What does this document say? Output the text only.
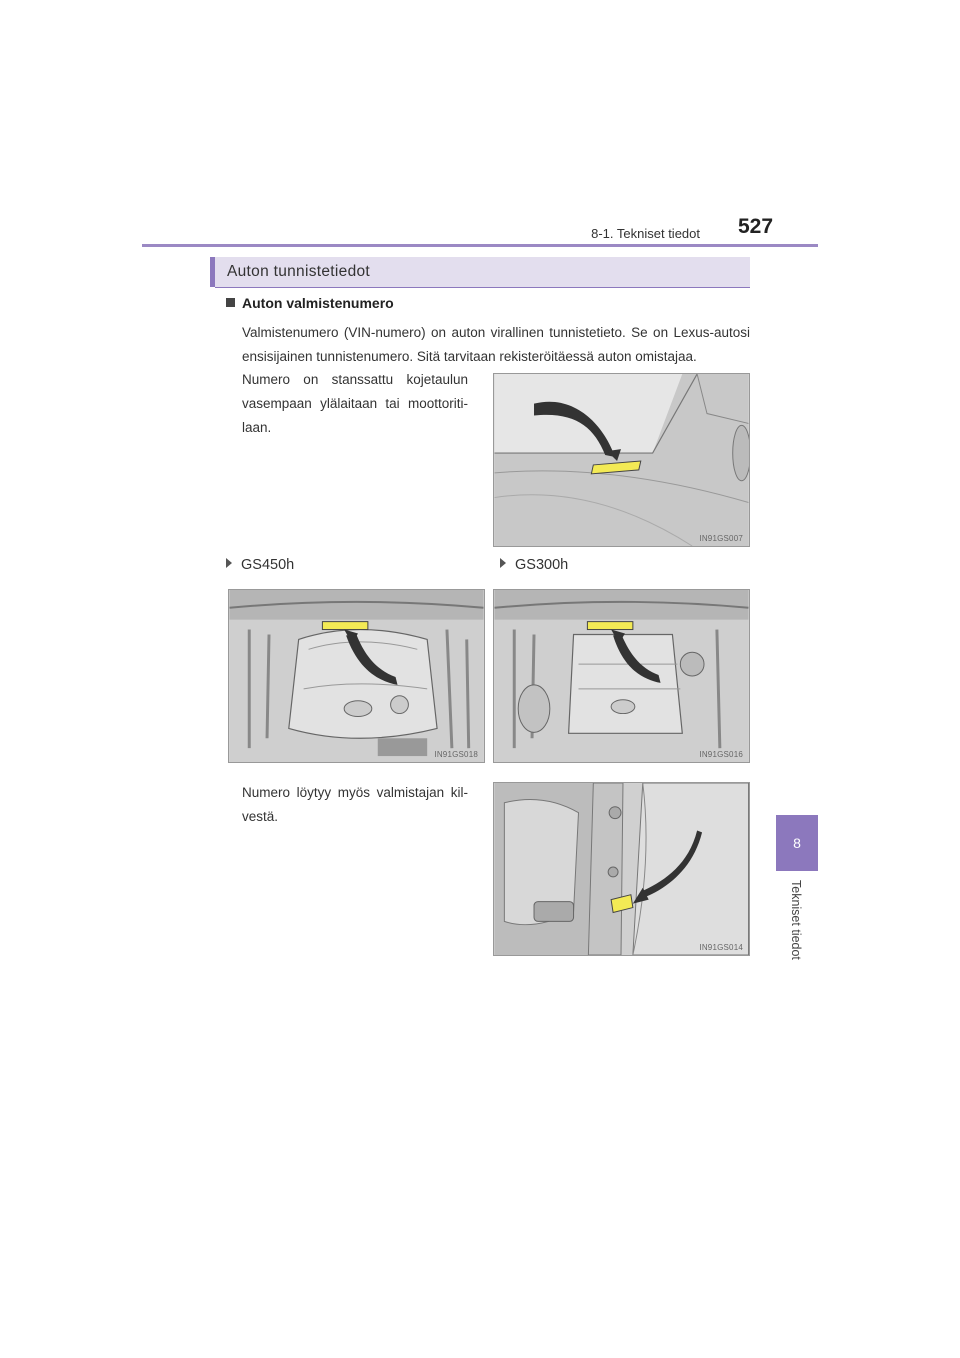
8-1. Tekniset tiedot 527
8
Tekniset tiedot
Auton tunnistetiedot
Auton valmistenumero
Valmistenumero (VIN-numero) on auton virallinen tunnistetieto. Se on Lexus-autosi ensisijainen tunnistenumero. Sitä tarvitaan rekisteröitäessä auton omistajaa.
Numero on stanssattu kojetaulun vasempaan ylälaitaan tai moottoriti-laan.
IN91GS007
GS450h	GS300h
IN91GS018	IN91GS016
Numero löytyy myös valmistajan kil-vestä.
IN91GS014
